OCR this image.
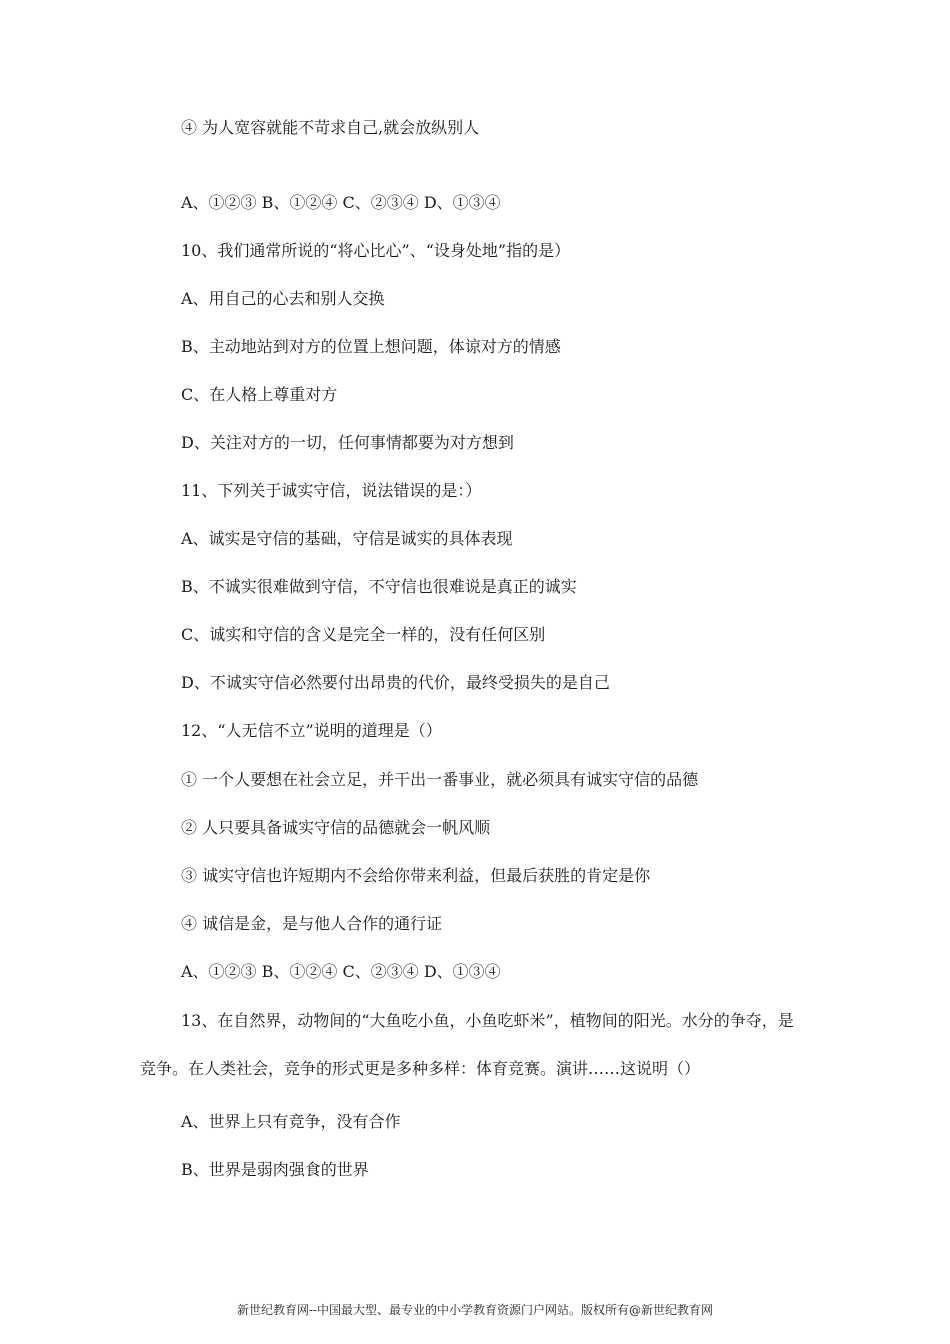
④ 为人宽容就能不苛求自己,就会放纵别人
A、①②③ B、①②④ C、②③④ D、①③④
10、我们通常所说的“将心比心”、“设身处地”指的是）
A、用自己的心去和别人交换
B、主动地站到对方的位置上想问题，体谅对方的情感
C、在人格上尊重对方
D、关注对方的一切，任何事情都要为对方想到
11、下列关于诚实守信，说法错误的是：）
A、诚实是守信的基础，守信是诚实的具体表现
B、不诚实很难做到守信，不守信也很难说是真正的诚实
C、诚实和守信的含义是完全一样的，没有任何区别
D、不诚实守信必然要付出昂贵的代价，最终受损失的是自己
12、“人无信不立”说明的道理是（）
① 一个人要想在社会立足，并干出一番事业，就必须具有诚实守信的品德
② 人只要具备诚实守信的品德就会一帆风顺
③ 诚实守信也许短期内不会给你带来利益，但最后获胜的肯定是你
④ 诚信是金，是与他人合作的通行证
A、①②③ B、①②④ C、②③④ D、①③④
13、在自然界，动物间的“大鱼吃小鱼，小鱼吃虾米”，植物间的阳光。水分的争夺，是
竞争。在人类社会，竞争的形式更是多种多样：体育竞赛。演讲……这说明（）
A、世界上只有竞争，没有合作
B、世界是弱肉强食的世界
新世纪教育网--中国最大型、最专业的中小学教育资源门户网站。版权所有@新世纪教育网
